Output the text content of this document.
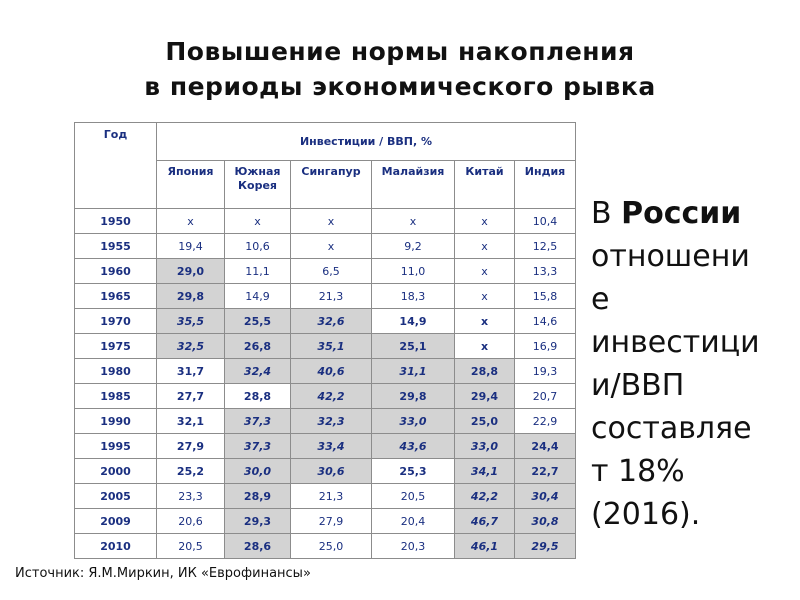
Повышение нормы накопления
в периоды экономического рывка
Год	Инвестиции / ВВП, %					
	Япония	Южная Корея	Сингапур	Малайзия	Китай	Индия
1950	x	x	x	x	x	10,4
1955	19,4	10,6	x	9,2	x	12,5
1960	29,0	11,1	6,5	11,0	x	13,3
1965	29,8	14,9	21,3	18,3	x	15,8
1970	35,5	25,5	32,6	14,9	x	14,6
1975	32,5	26,8	35,1	25,1	x	16,9
1980	31,7	32,4	40,6	31,1	28,8	19,3
1985	27,7	28,8	42,2	29,8	29,4	20,7
1990	32,1	37,3	32,3	33,0	25,0	22,9
1995	27,9	37,3	33,4	43,6	33,0	24,4
2000	25,2	30,0	30,6	25,3	34,1	22,7
2005	23,3	28,9	21,3	20,5	42,2	30,4
2009	20,6	29,3	27,9	20,4	46,7	30,8
2010	20,5	28,6	25,0	20,3	46,1	29,5
В России
отношени
е
инвестици
и/ВВП
составляе
т 18%
(2016).
Источник: Я.М.Миркин, ИК «Еврофинансы»
